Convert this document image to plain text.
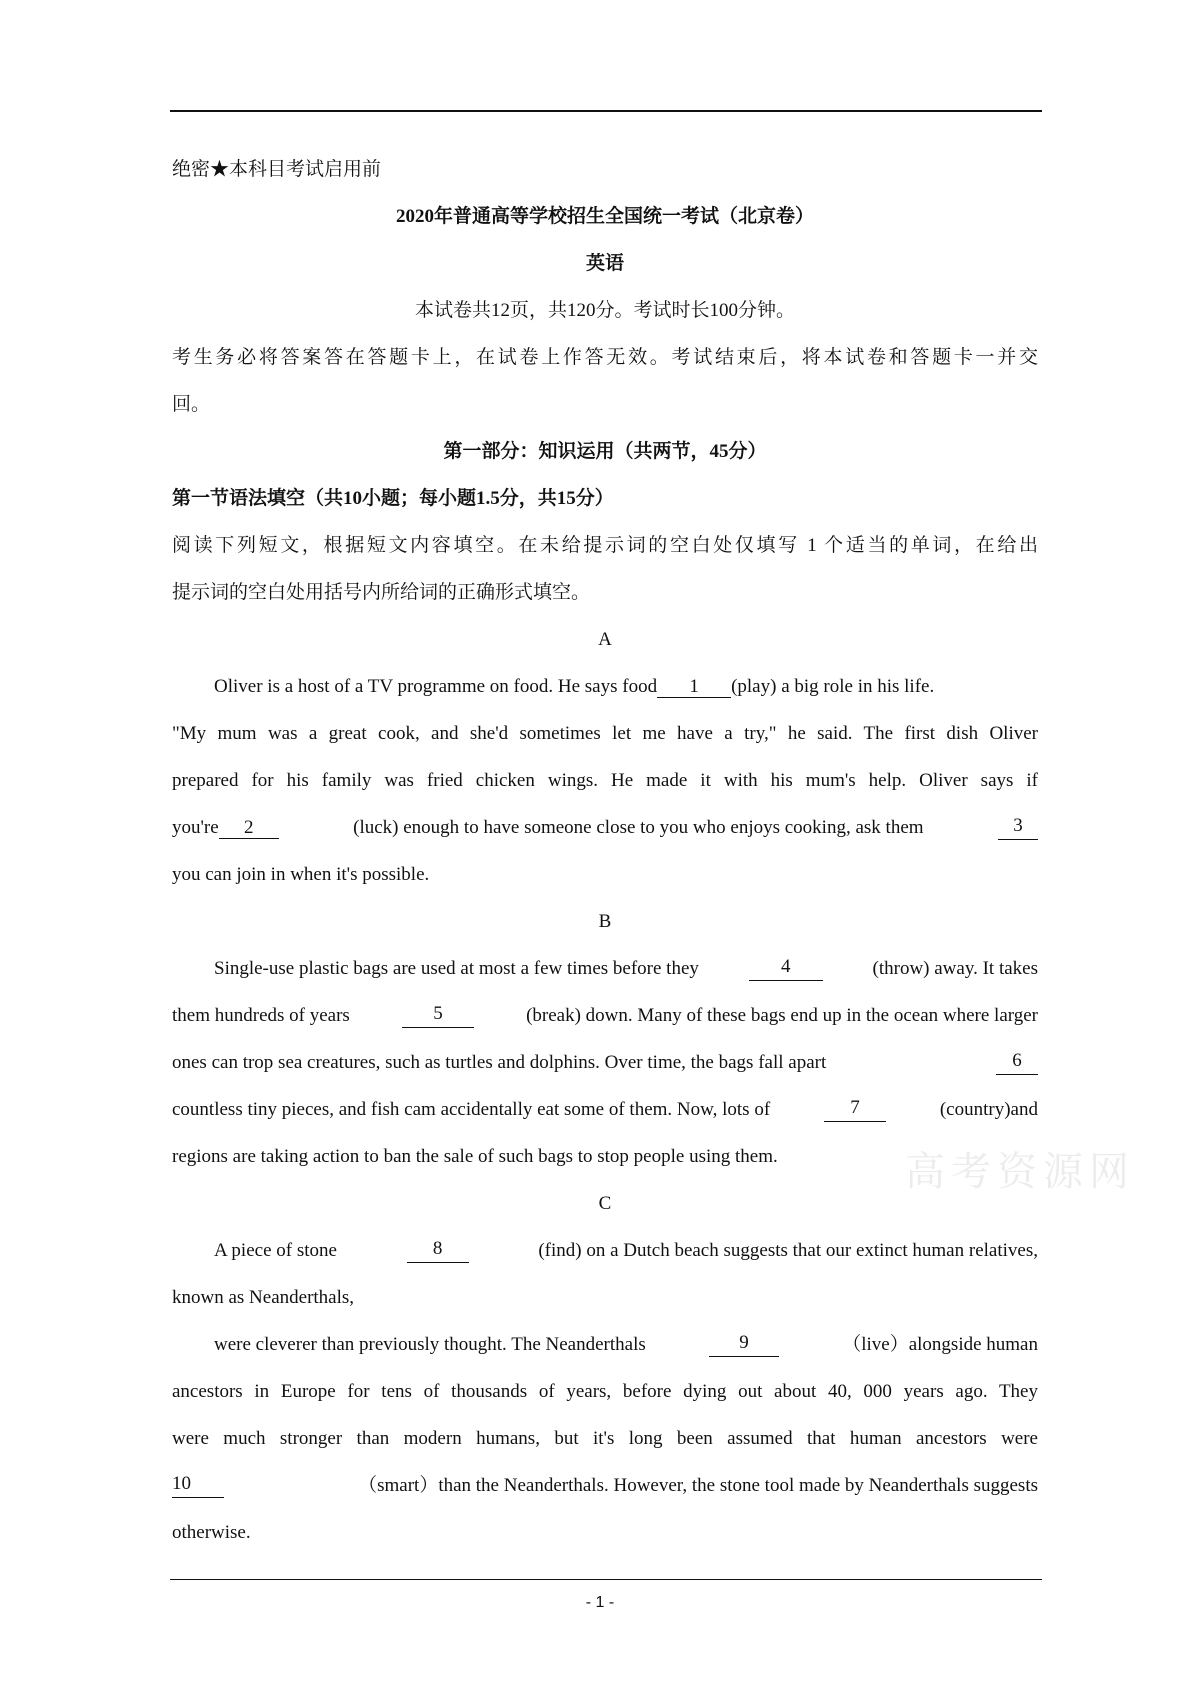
绝密★本科目考试启用前
2020年普通高等学校招生全国统一考试（北京卷）
英语
本试卷共12页，共120分。考试时长100分钟。
考生务必将答案答在答题卡上，在试卷上作答无效。考试结束后，将本试卷和答题卡一并交
回。
第一部分：知识运用（共两节，45分）
第一节语法填空（共10小题；每小题1.5分，共15分）
阅读下列短文，根据短文内容填空。在未给提示词的空白处仅填写 1 个适当的单词，在给出
提示词的空白处用括号内所给词的正确形式填空。
A
Oliver is a host of a TV programme on food. He says food 1 (play) a big role in his life.
"My mum was a great cook, and she'd sometimes let me have a try," he said. The first dish Oliver
prepared for his family was fried chicken wings. He made it with his mum's help. Oliver says if
you're 2	(luck) enough to have someone close to you who enjoys cooking, ask them	3
you can join in when it's possible.
B
Single-use plastic bags are used at most a few times before they	4	(throw) away. It takes
them hundreds of years	5	(break) down. Many of these bags end up in the ocean where larger
ones can trop sea creatures, such as turtles and dolphins. Over time, the bags fall apart	6
countless tiny pieces, and fish cam accidentally eat some of them. Now, lots of	7	(country)and
regions are taking action to ban the sale of such bags to stop people using them.	高考资源网
C
A piece of stone	8	(find) on a Dutch beach suggests that our extinct human relatives,
known as Neanderthals,
were cleverer than previously thought. The Neanderthals	9	（live）alongside human
ancestors in Europe for tens of thousands of years, before dying out about 40, 000 years ago. They
were much stronger than modern humans, but it's long been assumed that human ancestors were
10	（smart）than the Neanderthals. However, the stone tool made by Neanderthals suggests
otherwise.
- 1 -
